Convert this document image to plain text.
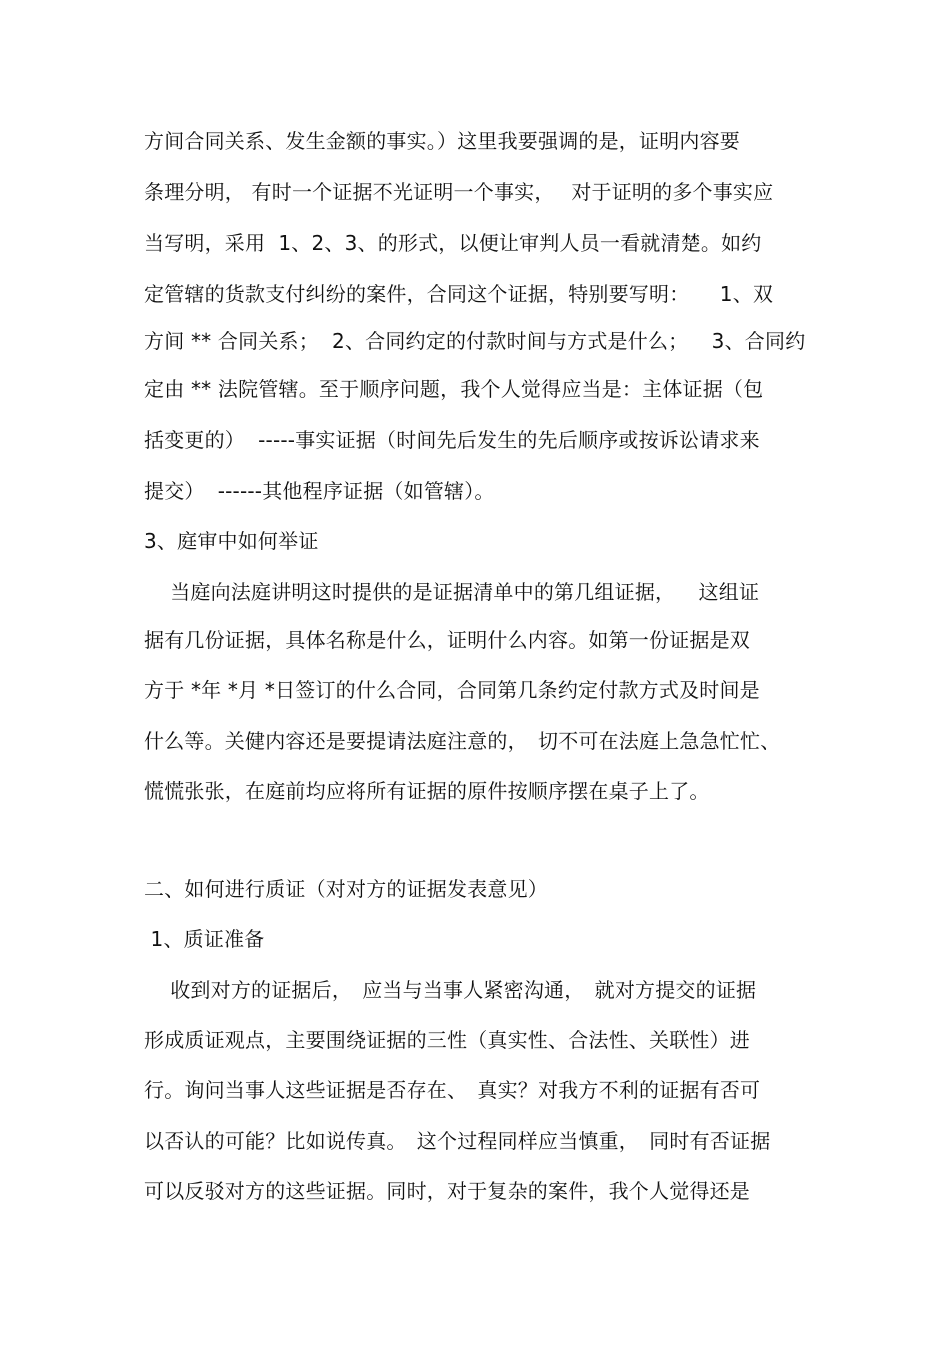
方间合同关系、发生金额的事实。）这里我要强调的是，证明内容要
条理分明， 有时一个证据不光证明一个事实，　 对于证明的多个事实应
当写明，采用  1、2、3、的形式，以便让审判人员一看就清楚。如约
定管辖的货款支付纠纷的案件，合同这个证据，特别要写明：　　1、双
方间 ** 合同关系；  2、合同约定的付款时间与方式是什么；　  3、合同约
定由 ** 法院管辖。至于顺序问题，我个人觉得应当是：主体证据（包
括变更的）  -----事实证据（时间先后发生的先后顺序或按诉讼请求来
提交）  ------其他程序证据（如管辖）。
3、庭审中如何举证
当庭向法庭讲明这时提供的是证据清单中的第几组证据，　  这组证
据有几份证据，具体名称是什么，证明什么内容。如第一份证据是双
方于 *年 *月 *日签订的什么合同，合同第几条约定付款方式及时间是
什么等。关健内容还是要提请法庭注意的，　切不可在法庭上急急忙忙、
慌慌张张，在庭前均应将所有证据的原件按顺序摆在桌子上了。
二、如何进行质证（对对方的证据发表意见）
1、质证准备
收到对方的证据后，　应当与当事人紧密沟通，　就对方提交的证据
形成质证观点，主要围绕证据的三性（真实性、合法性、关联性）进
行。询问当事人这些证据是否存在、　真实？对我方不利的证据有否可
以否认的可能？比如说传真。　这个过程同样应当慎重，　同时有否证据
可以反驳对方的这些证据。同时，对于复杂的案件，我个人觉得还是
